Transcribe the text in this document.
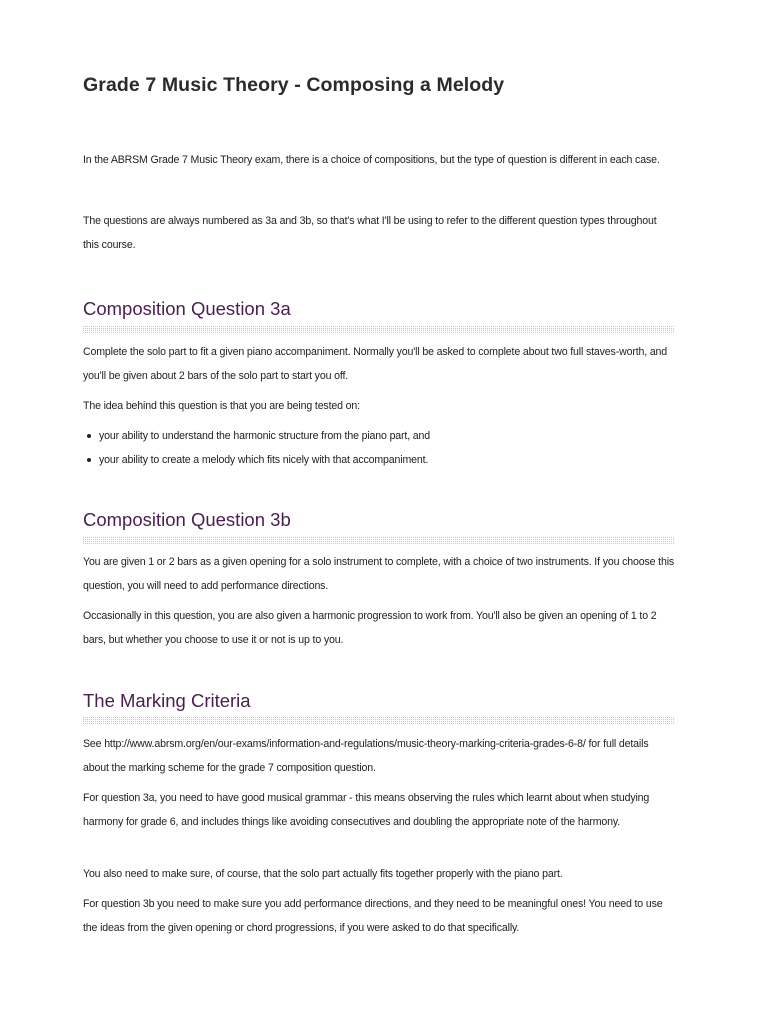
Grade 7 Music Theory - Composing a Melody

In the ABRSM Grade 7 Music Theory exam, there is a choice of compositions, but the type of question is different in each case.

The questions are always numbered as 3a and 3b, so that's what I'll be using to refer to the different question types throughout this course.

Composition Question 3a

Complete the solo part to fit a given piano accompaniment. Normally you'll be asked to complete about two full staves-worth, and you'll be given about 2 bars of the solo part to start you off.

The idea behind this question is that you are being tested on:

your ability to understand the harmonic structure from the piano part, and
your ability to create a melody which fits nicely with that accompaniment.
Composition Question 3b

You are given 1 or 2 bars as a given opening for a solo instrument to complete, with a choice of two instruments. If you choose this question, you will need to add performance directions.

Occasionally in this question, you are also given a harmonic progression to work from. You'll also be given an opening of 1 to 2 bars, but whether you choose to use it or not is up to you.

The Marking Criteria

See http://www.abrsm.org/en/our-exams/information-and-regulations/music-theory-marking-criteria-grades-6-8/ for full details about the marking scheme for the grade 7 composition question.

For question 3a, you need to have good musical grammar - this means observing the rules which learnt about when studying harmony for grade 6, and includes things like avoiding consecutives and doubling the appropriate note of the harmony.

You also need to make sure, of course, that the solo part actually fits together properly with the piano part.

For question 3b you need to make sure you add performance directions, and they need to be meaningful ones! You need to use the ideas from the given opening or chord progressions, if you were asked to do that specifically.
